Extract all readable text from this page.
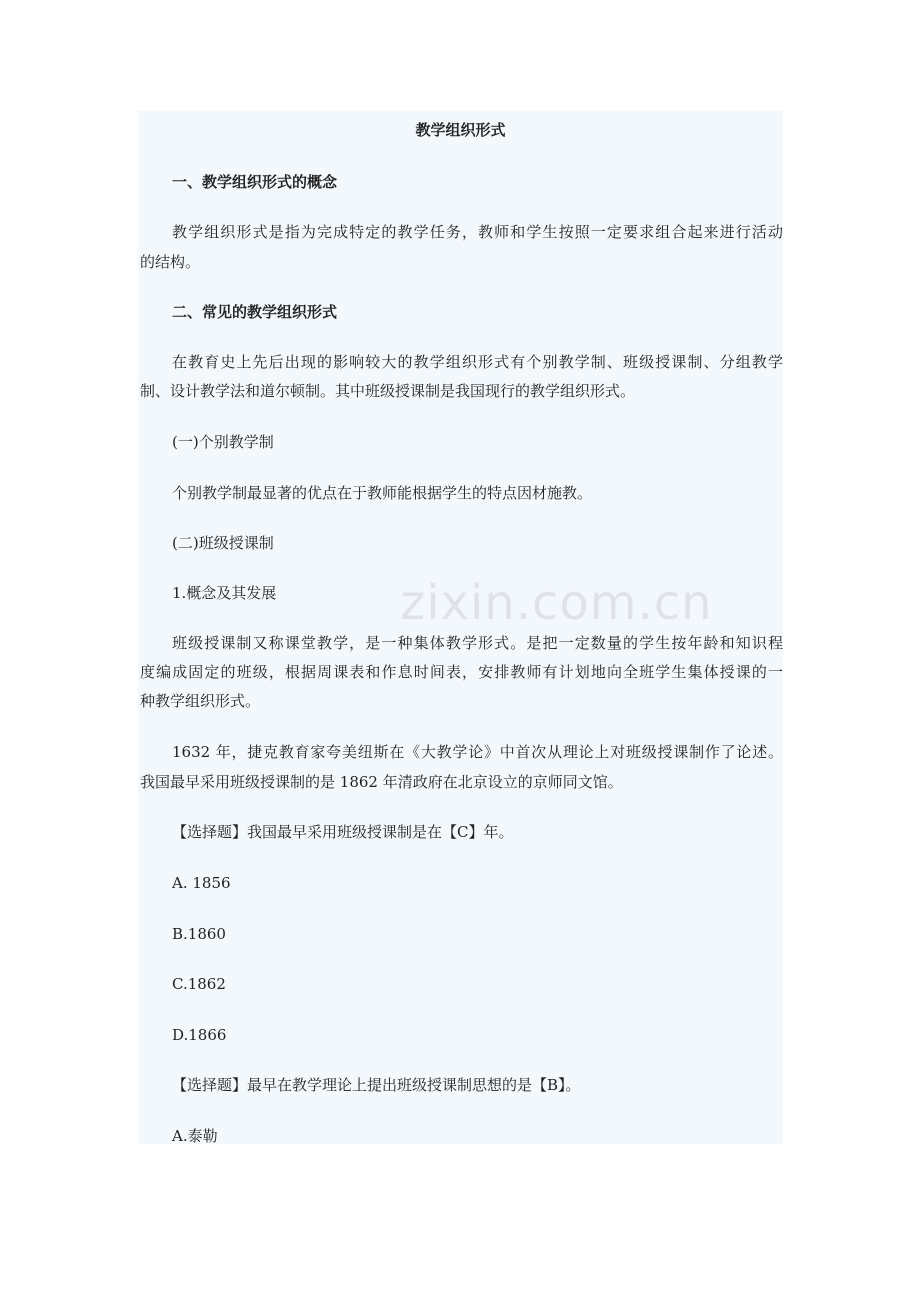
教学组织形式
一、教学组织形式的概念
教学组织形式是指为完成特定的教学任务，教师和学生按照一定要求组合起来进行活动
的结构。
二、常见的教学组织形式
在教育史上先后出现的影响较大的教学组织形式有个别教学制、班级授课制、分组教学
制、设计教学法和道尔顿制。其中班级授课制是我国现行的教学组织形式。
(一)个别教学制
个别教学制最显著的优点在于教师能根据学生的特点因材施教。
(二)班级授课制
1.概念及其发展
班级授课制又称课堂教学，是一种集体教学形式。是把一定数量的学生按年龄和知识程
度编成固定的班级，根据周课表和作息时间表，安排教师有计划地向全班学生集体授课的一
种教学组织形式。
1632 年，捷克教育家夸美纽斯在《大教学论》中首次从理论上对班级授课制作了论述。
我国最早采用班级授课制的是 1862 年清政府在北京设立的京师同文馆。
【选择题】我国最早采用班级授课制是在【C】年。
A. 1856
B.1860
C.1862
D.1866
【选择题】最早在教学理论上提出班级授课制思想的是【B】。
A.泰勒
